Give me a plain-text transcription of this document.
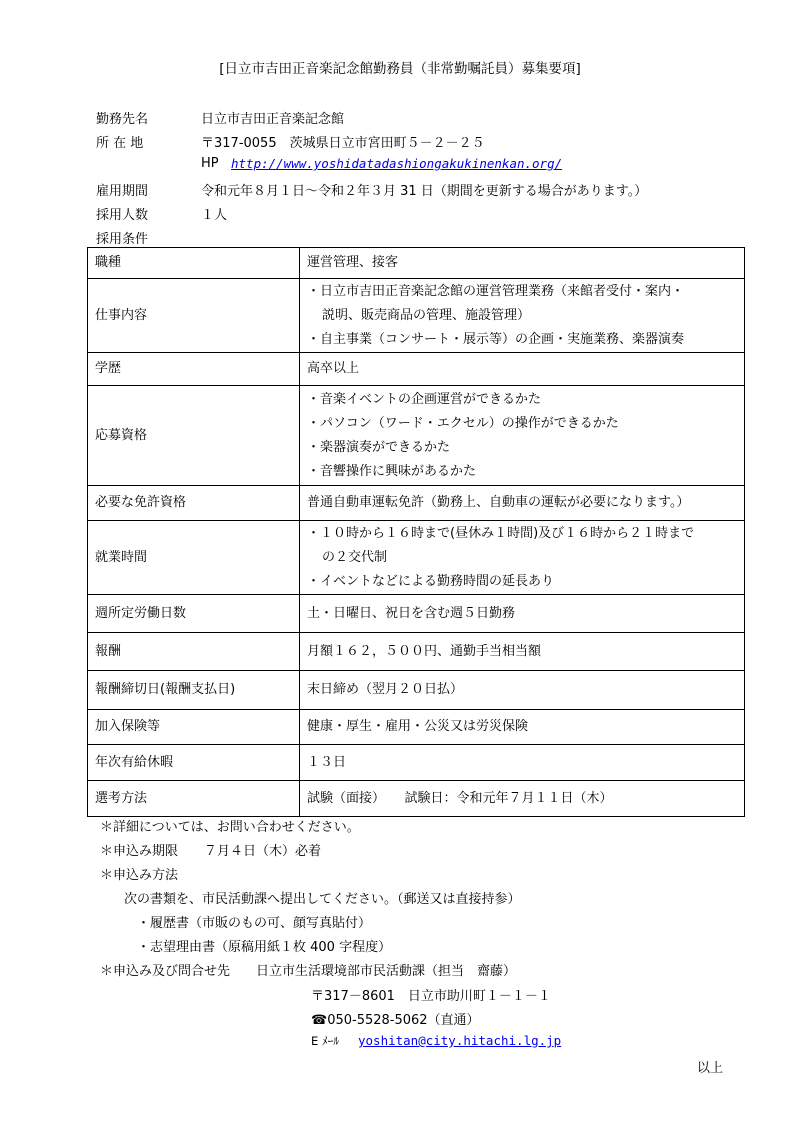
[日立市吉田正音楽記念館勤務員（非常勤嘱託員）募集要項]
勤務先名	日立市吉田正音楽記念館
所 在 地	〒317-0055　茨城県日立市宮田町５－２－２５
HP http://www.yoshidatadashiongakukinenkan.org/
雇用期間	令和元年８月１日～令和２年３月 31 日（期間を更新する場合があります。）
採用人数	１人
採用条件
職種	運営管理、接客

仕事内容	・日立市吉田正音楽記念館の運営管理業務（来館者受付・案内・
説明、販売商品の管理、施設管理）
・自主事業（コンサート・展示等）の企画・実施業務、楽器演奏

学歴	高卒以上

応募資格	・音楽イベントの企画運営ができるかた
・パソコン（ワード・エクセル）の操作ができるかた
・楽器演奏ができるかた
・音響操作に興味があるかた

必要な免許資格	普通自動車運転免許（勤務上、自動車の運転が必要になります。）

就業時間	・１０時から１６時まで(昼休み１時間)及び１６時から２１時まで
の２交代制
・イベントなどによる勤務時間の延長あり

週所定労働日数	土・日曜日、祝日を含む週５日勤務

報酬	月額１６２，５００円、通勤手当相当額

報酬締切日(報酬支払日)	末日締め（翌月２０日払）

加入保険等	健康・厚生・雇用・公災又は労災保険

年次有給休暇	１３日

選考方法	試験（面接）　　試験日：令和元年７月１１日（木）
＊詳細については、お問い合わせください。
＊申込み期限　　７月４日（木）必着
＊申込み方法
次の書類を、市民活動課へ提出してください。（郵送又は直接持参）
・履歴書（市販のもの可、顔写真貼付）
・志望理由書（原稿用紙１枚 400 字程度）
＊申込み及び問合せ先　　日立市生活環境部市民活動課（担当　齋藤）
〒317－8601　日立市助川町１－１－１
☎050-5528-5062（直通）
E ﾒｰﾙ yoshitan@city.hitachi.lg.jp
以上
